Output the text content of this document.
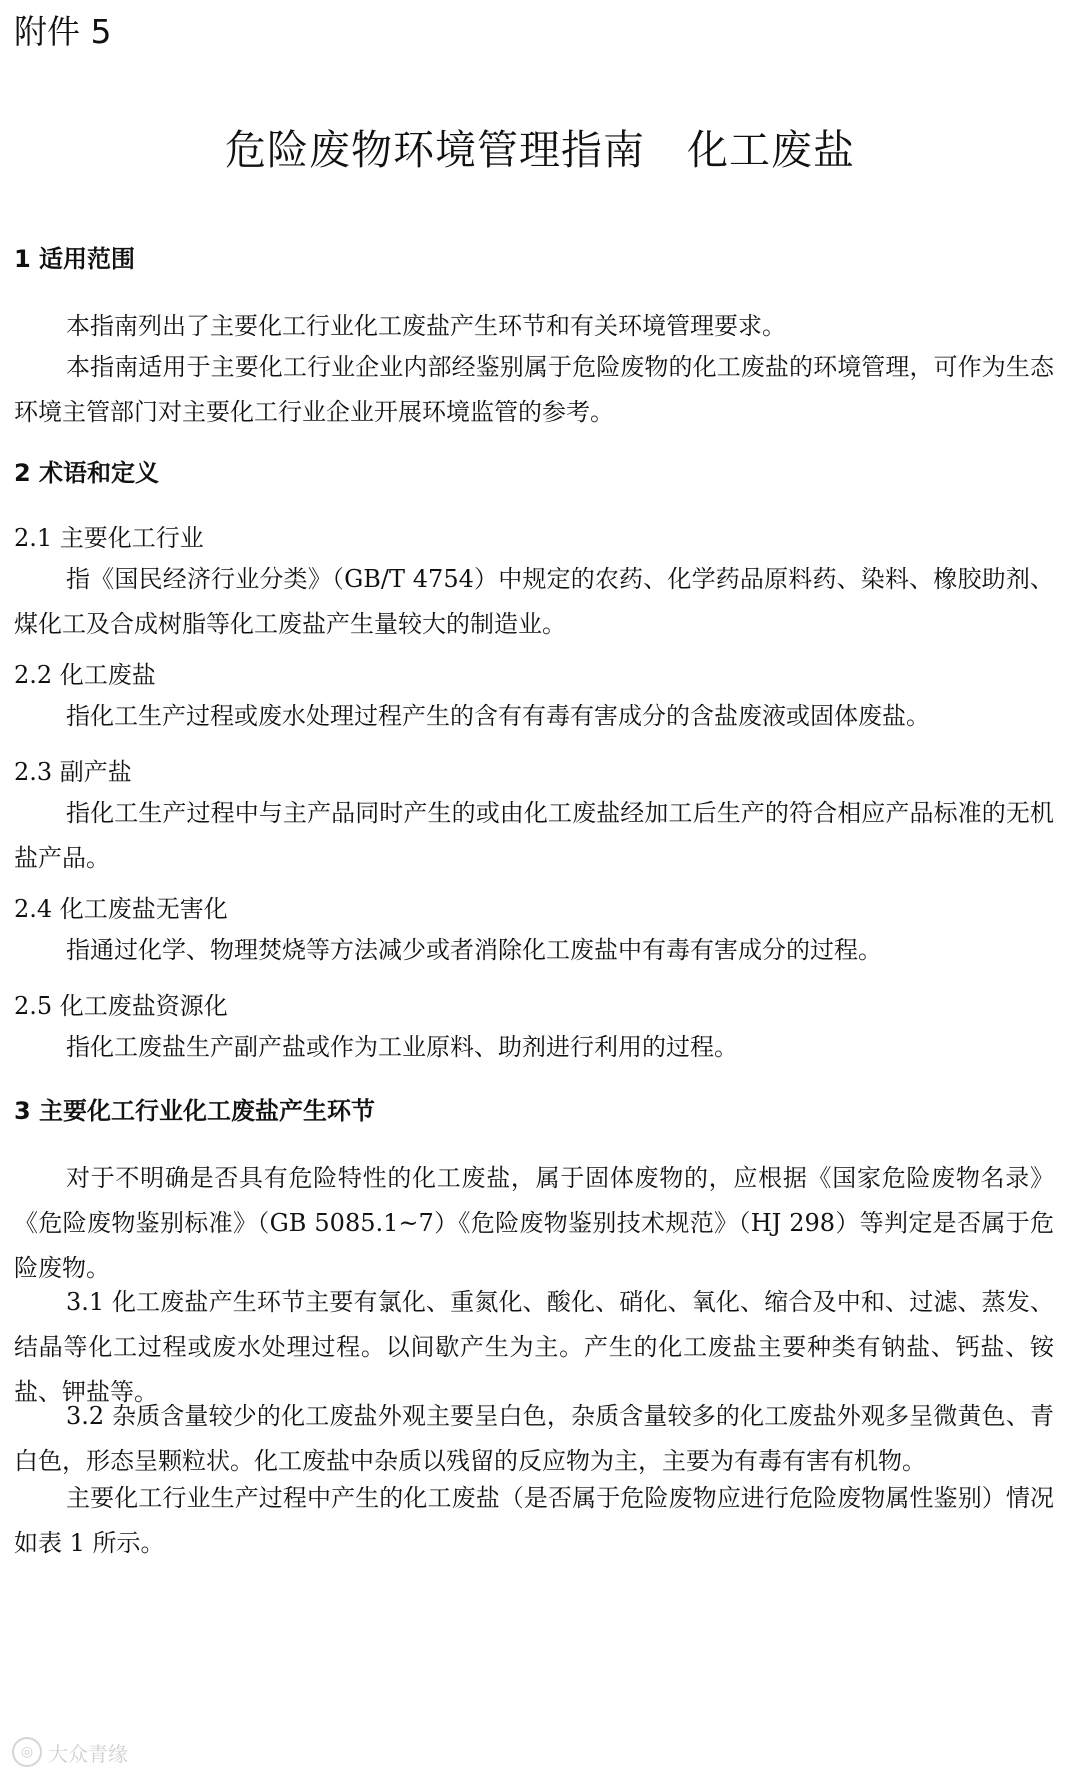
附件 5
危险废物环境管理指南　化工废盐
1 适用范围

本指南列出了主要化工行业化工废盐产生环节和有关环境管理要求。

本指南适用于主要化工行业企业内部经鉴别属于危险废物的化工废盐的环境管理，可作为生态环境主管部门对主要化工行业企业开展环境监管的参考。

2 术语和定义
2.1 主要化工行业

指《国民经济行业分类》（GB/T 4754）中规定的农药、化学药品原料药、染料、橡胶助剂、煤化工及合成树脂等化工废盐产生量较大的制造业。

2.2 化工废盐

指化工生产过程或废水处理过程产生的含有有毒有害成分的含盐废液或固体废盐。

2.3 副产盐

指化工生产过程中与主产品同时产生的或由化工废盐经加工后生产的符合相应产品标准的无机盐产品。

2.4 化工废盐无害化

指通过化学、物理焚烧等方法减少或者消除化工废盐中有毒有害成分的过程。

2.5 化工废盐资源化

指化工废盐生产副产盐或作为工业原料、助剂进行利用的过程。

3 主要化工行业化工废盐产生环节

对于不明确是否具有危险特性的化工废盐，属于固体废物的，应根据《国家危险废物名录》《危险废物鉴别标准》（GB 5085.1~7）《危险废物鉴别技术规范》（HJ 298）等判定是否属于危险废物。

3.1 化工废盐产生环节主要有氯化、重氮化、酸化、硝化、氧化、缩合及中和、过滤、蒸发、结晶等化工过程或废水处理过程。以间歇产生为主。产生的化工废盐主要种类有钠盐、钙盐、铵盐、钾盐等。

3.2 杂质含量较少的化工废盐外观主要呈白色，杂质含量较多的化工废盐外观多呈微黄色、青白色，形态呈颗粒状。化工废盐中杂质以残留的反应物为主，主要为有毒有害有机物。

主要化工行业生产过程中产生的化工废盐（是否属于危险废物应进行危险废物属性鉴别）情况如表 1 所示。

◎ 大众青缘
